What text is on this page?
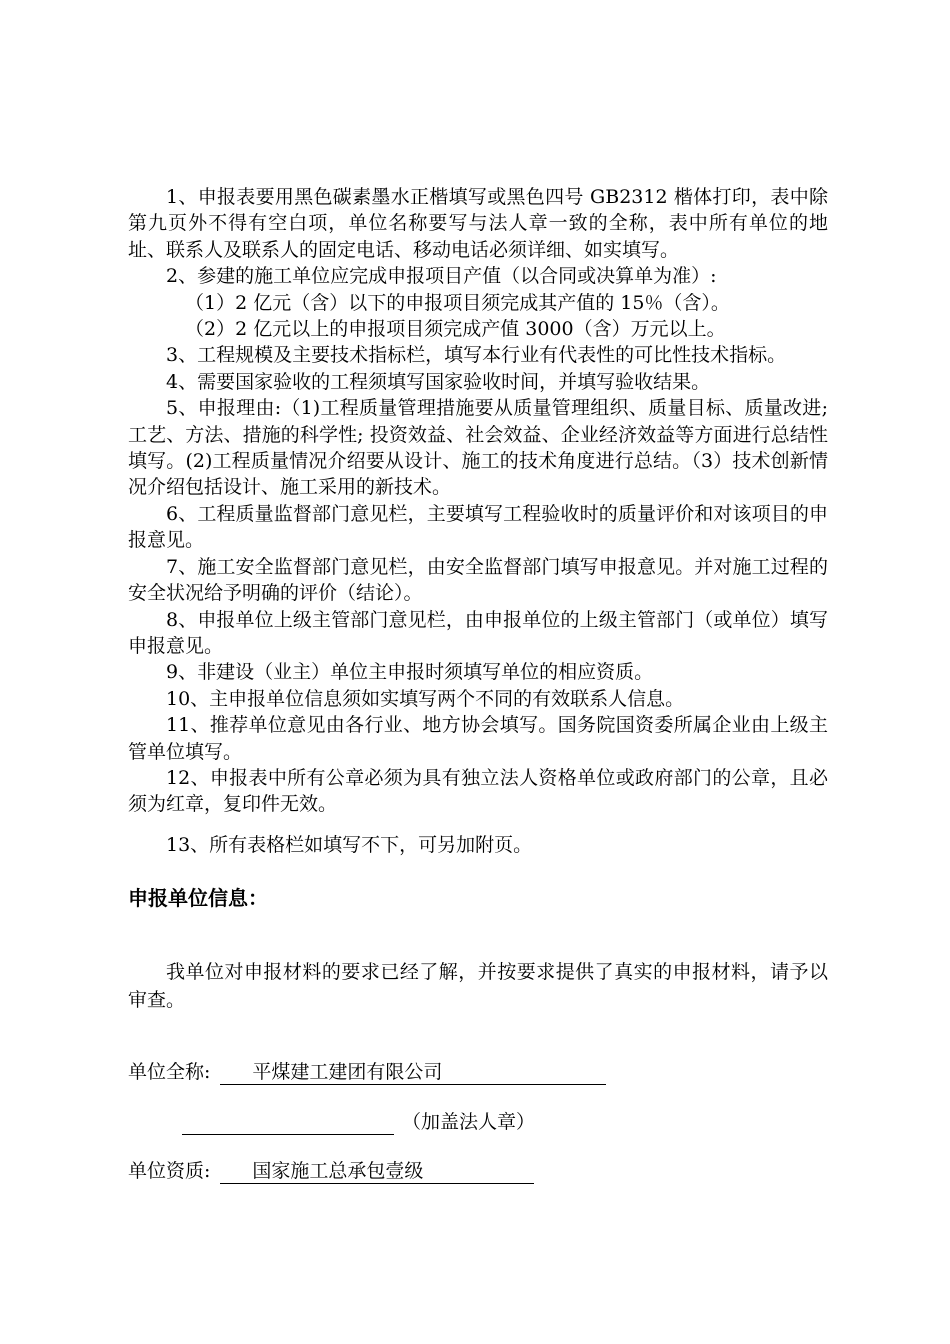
1、申报表要用黑色碳素墨水正楷填写或黑色四号 GB2312 楷体打印，表中除第九页外不得有空白项，单位名称要写与法人章一致的全称，表中所有单位的地址、联系人及联系人的固定电话、移动电话必须详细、如实填写。

2、参建的施工单位应完成申报项目产值（以合同或决算单为准）:

（1）2 亿元（含）以下的申报项目须完成其产值的 15％（含）。

（2）2 亿元以上的申报项目须完成产值 3000（含）万元以上。

3、工程规模及主要技术指标栏，填写本行业有代表性的可比性技术指标。

4、需要国家验收的工程须填写国家验收时间，并填写验收结果。

5、申报理由:（1)工程质量管理措施要从质量管理组织、质量目标、质量改进; 工艺、方法、措施的科学性; 投资效益、社会效益、企业经济效益等方面进行总结性填写。(2)工程质量情况介绍要从设计、施工的技术角度进行总结。（3）技术创新情况介绍包括设计、施工采用的新技术。

6、工程质量监督部门意见栏，主要填写工程验收时的质量评价和对该项目的申报意见。

7、施工安全监督部门意见栏，由安全监督部门填写申报意见。并对施工过程的安全状况给予明确的评价（结论）。

8、申报单位上级主管部门意见栏，由申报单位的上级主管部门（或单位）填写申报意见。

9、非建设（业主）单位主申报时须填写单位的相应资质。

10、主申报单位信息须如实填写两个不同的有效联系人信息。

11、推荐单位意见由各行业、地方协会填写。国务院国资委所属企业由上级主管单位填写。

12、申报表中所有公章必须为具有独立法人资格单位或政府部门的公章，且必须为红章，复印件无效。

13、所有表格栏如填写不下，可另加附页。

申报单位信息：

我单位对申报材料的要求已经了解，并按要求提供了真实的申报材料，请予以审查。

单位全称: 平煤建工建团有限公司
（加盖法人章）
单位资质: 国家施工总承包壹级
